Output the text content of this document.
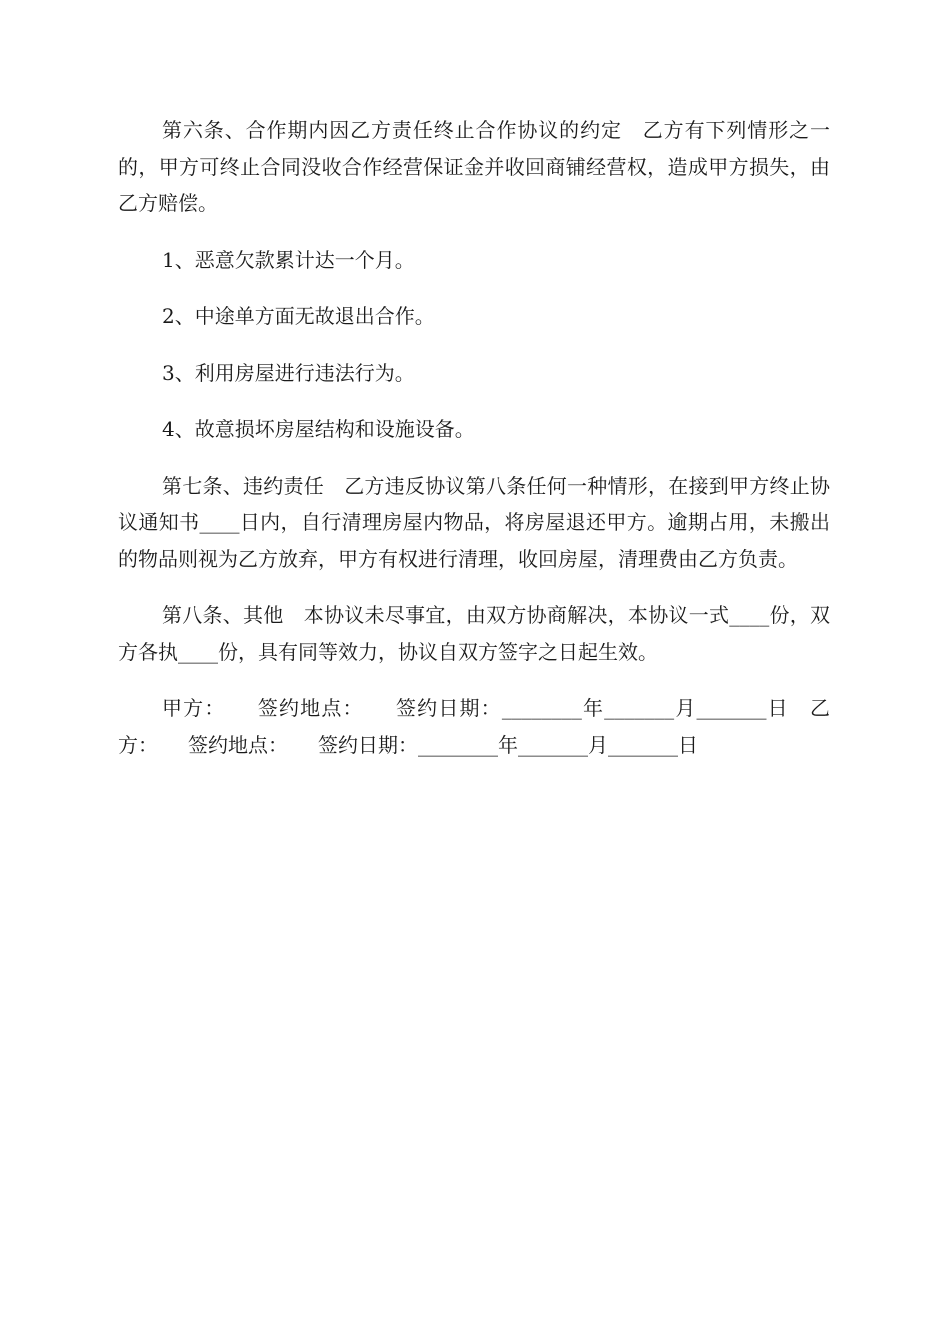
第六条、合作期内因乙方责任终止合作协议的约定　乙方有下列情形之一的，甲方可终止合同没收合作经营保证金并收回商铺经营权，造成甲方损失，由乙方赔偿。

1、恶意欠款累计达一个月。

2、中途单方面无故退出合作。

3、利用房屋进行违法行为。

4、故意损坏房屋结构和设施设备。

第七条、违约责任　乙方违反协议第八条任何一种情形，在接到甲方终止协议通知书____日内，自行清理房屋内物品，将房屋退还甲方。逾期占用，未搬出的物品则视为乙方放弃，甲方有权进行清理，收回房屋，清理费由乙方负责。

第八条、其他　本协议未尽事宜，由双方协商解决，本协议一式____份，双方各执____份，具有同等效力，协议自双方签字之日起生效。

甲方：　　签约地点：　　签约日期：________年_______月_______日　乙方：　　签约地点：　　签约日期：________年_______月_______日
